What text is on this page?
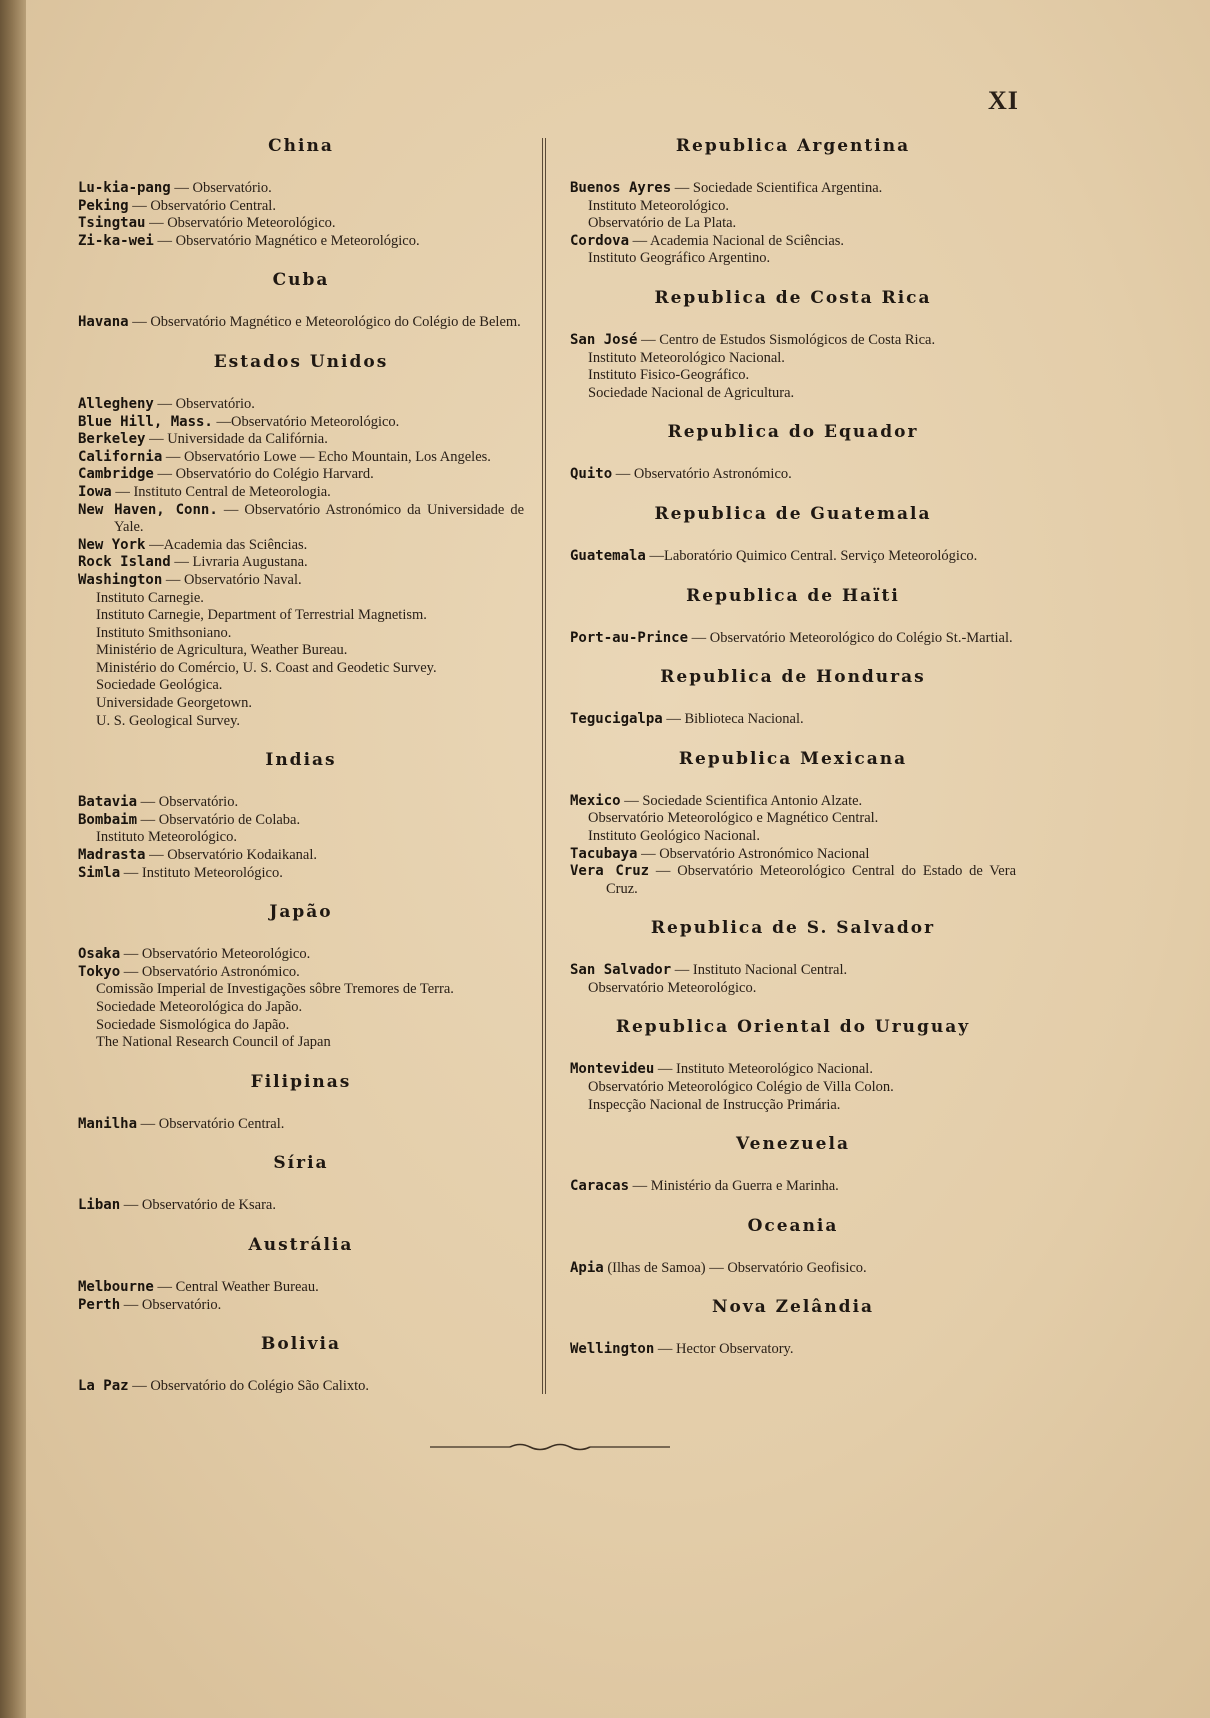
XI
China
Lu-kia-pang — Observatório.
Peking — Observatório Central.
Tsingtau — Observatório Meteorológico.
Zi-ka-wei — Observatório Magnético e Meteorológico.
Cuba
Havana — Observatório Magnético e Meteorológico do Colégio de Belem.
Estados Unidos
Allegheny — Observatório.
Blue Hill, Mass. —Observatório Meteorológico.
Berkeley — Universidade da Califórnia.
California — Observatório Lowe — Echo Mountain, Los Angeles.
Cambridge — Observatório do Colégio Harvard.
Iowa — Instituto Central de Meteorologia.
New Haven, Conn. — Observatório Astronómico da Universidade de Yale.
New York —Academia das Sciências.
Rock Island — Livraria Augustana.
Washington — Observatório Naval.
Instituto Carnegie.
Instituto Carnegie, Department of Terrestrial Magnetism.
Instituto Smithsoniano.
Ministério de Agricultura, Weather Bureau.
Ministério do Comércio, U. S. Coast and Geodetic Survey.
Sociedade Geológica.
Universidade Georgetown.
U. S. Geological Survey.
Indias
Batavia — Observatório.
Bombaim — Observatório de Colaba.
Instituto Meteorológico.
Madrasta — Observatório Kodaikanal.
Simla — Instituto Meteorológico.
Japão
Osaka — Observatório Meteorológico.
Tokyo — Observatório Astronómico.
Comissão Imperial de Investigações sôbre Tremores de Terra.
Sociedade Meteorológica do Japão.
Sociedade Sismológica do Japão.
The National Research Council of Japan
Filipinas
Manilha — Observatório Central.
Síria
Liban — Observatório de Ksara.
Austrália
Melbourne — Central Weather Bureau.
Perth — Observatório.
Bolivia
La Paz — Observatório do Colégio São Calixto.
Republica Argentina
Buenos Ayres — Sociedade Scientifica Argentina.
Instituto Meteorológico.
Observatório de La Plata.
Cordova — Academia Nacional de Sciências.
Instituto Geográfico Argentino.
Republica de Costa Rica
San José — Centro de Estudos Sismológicos de Costa Rica.
Instituto Meteorológico Nacional.
Instituto Fisico-Geográfico.
Sociedade Nacional de Agricultura.
Republica do Equador
Quito — Observatório Astronómico.
Republica de Guatemala
Guatemala —Laboratório Quimico Central. Serviço Meteorológico.
Republica de Haïti
Port-au-Prince — Observatório Meteorológico do Colégio St.-Martial.
Republica de Honduras
Tegucigalpa — Biblioteca Nacional.
Republica Mexicana
Mexico — Sociedade Scientifica Antonio Alzate.
Observatório Meteorológico e Magnético Central.
Instituto Geológico Nacional.
Tacubaya — Observatório Astronómico Nacional
Vera Cruz — Observatório Meteorológico Central do Estado de Vera Cruz.
Republica de S. Salvador
San Salvador — Instituto Nacional Central.
Observatório Meteorológico.
Republica Oriental do Uruguay
Montevideu — Instituto Meteorológico Nacional.
Observatório Meteorológico Colégio de Villa Colon.
Inspecção Nacional de Instrucção Primária.
Venezuela
Caracas — Ministério da Guerra e Marinha.
Oceania
Apia (Ilhas de Samoa) — Observatório Geofisico.
Nova Zelândia
Wellington — Hector Observatory.
